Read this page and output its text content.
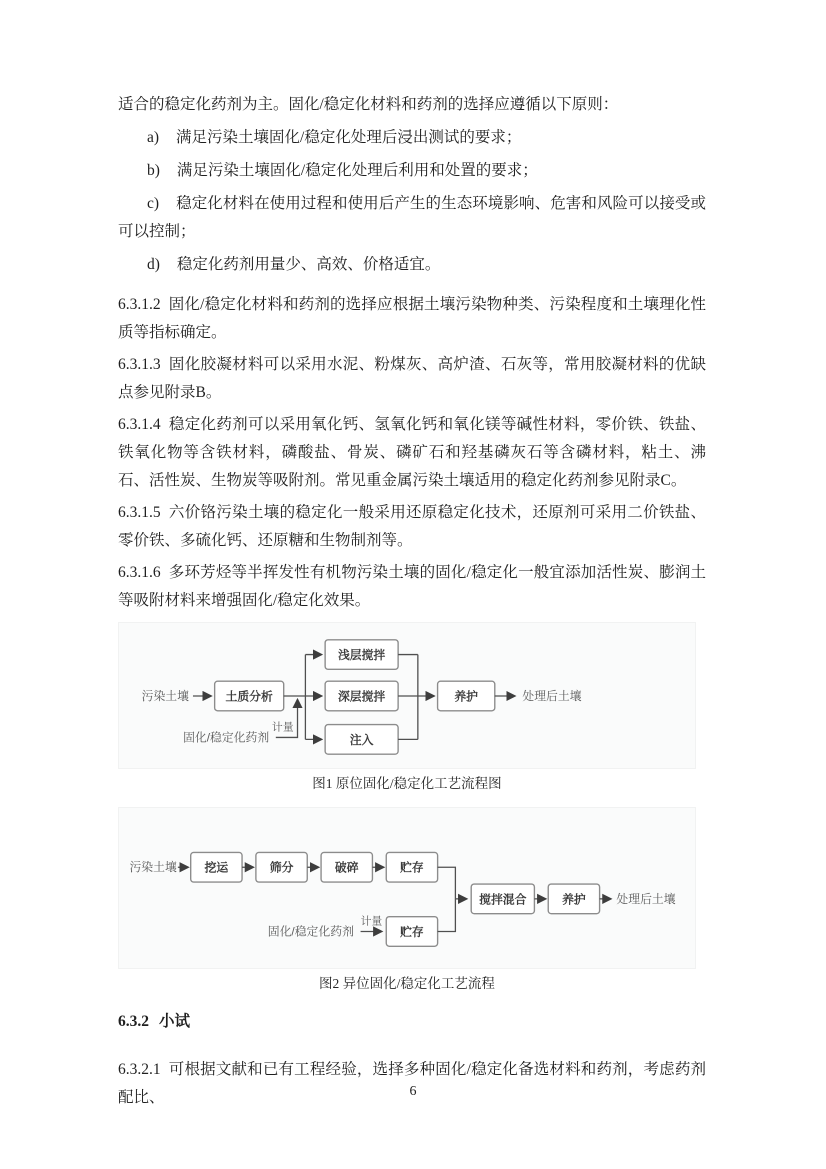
适合的稳定化药剂为主。固化/稳定化材料和药剂的选择应遵循以下原则：

a) 满足污染土壤固化/稳定化处理后浸出测试的要求；

b) 满足污染土壤固化/稳定化处理后利用和处置的要求；

c) 稳定化材料在使用过程和使用后产生的生态环境影响、危害和风险可以接受或可以控制；

d) 稳定化药剂用量少、高效、价格适宜。

6.3.1.2 固化/稳定化材料和药剂的选择应根据土壤污染物种类、污染程度和土壤理化性质等指标确定。

6.3.1.3 固化胶凝材料可以采用水泥、粉煤灰、高炉渣、石灰等，常用胶凝材料的优缺点参见附录B。

6.3.1.4 稳定化药剂可以采用氧化钙、氢氧化钙和氧化镁等碱性材料，零价铁、铁盐、铁氧化物等含铁材料，磷酸盐、骨炭、磷矿石和羟基磷灰石等含磷材料，粘土、沸石、活性炭、生物炭等吸附剂。常见重金属污染土壤适用的稳定化药剂参见附录C。

6.3.1.5 六价铬污染土壤的稳定化一般采用还原稳定化技术，还原剂可采用二价铁盐、零价铁、多硫化钙、还原糖和生物制剂等。

6.3.1.6 多环芳烃等半挥发性有机物污染土壤的固化/稳定化一般宜添加活性炭、膨润土等吸附材料来增强固化/稳定化效果。

污染土壤	土质分析
固化/稳定化药剂
计量
浅层搅拌
深层搅拌
注入
养护	处理后土壤

图1 原位固化/稳定化工艺流程图

污染土壤 挖运	筛分	破碎	贮存
固化/稳定化药剂
计量
贮存
搅拌混合	养护	处理后土壤

图2 异位固化/稳定化工艺流程

6.3.2 小试

6.3.2.1 可根据文献和已有工程经验，选择多种固化/稳定化备选材料和药剂，考虑药剂配比、	6
